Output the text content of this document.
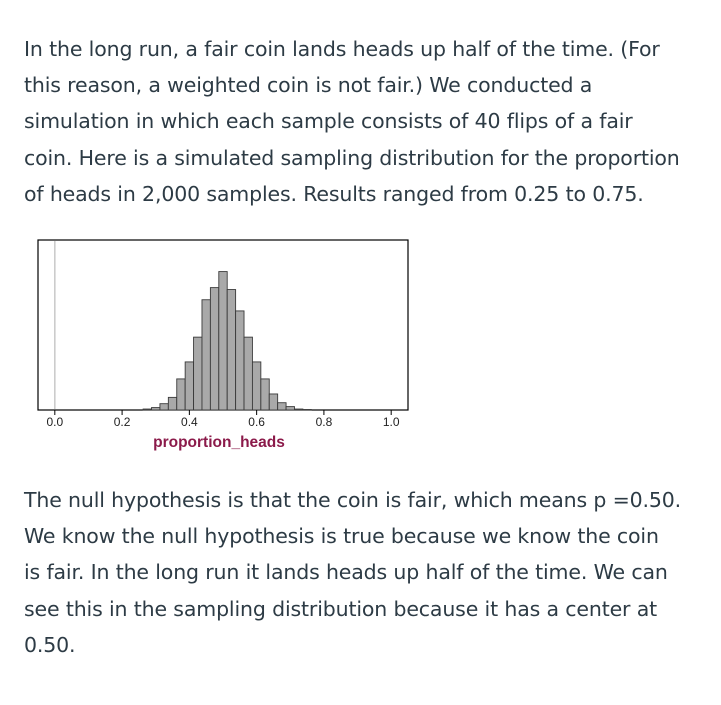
In the long run, a fair coin lands heads up half of the time. (For
this reason, a weighted coin is not fair.) We conducted a
simulation in which each sample consists of 40 flips of a fair
coin. Here is a simulated sampling distribution for the proportion
of heads in 2,000 samples. Results ranged from 0.25 to 0.75.

0.0	0.2	0.4	0.6	0.8	1.0
proportion_heads

The null hypothesis is that the coin is fair, which means p =0.50.
We know the null hypothesis is true because we know the coin
is fair. In the long run it lands heads up half of the time. We can
see this in the sampling distribution because it has a center at
0.50.
